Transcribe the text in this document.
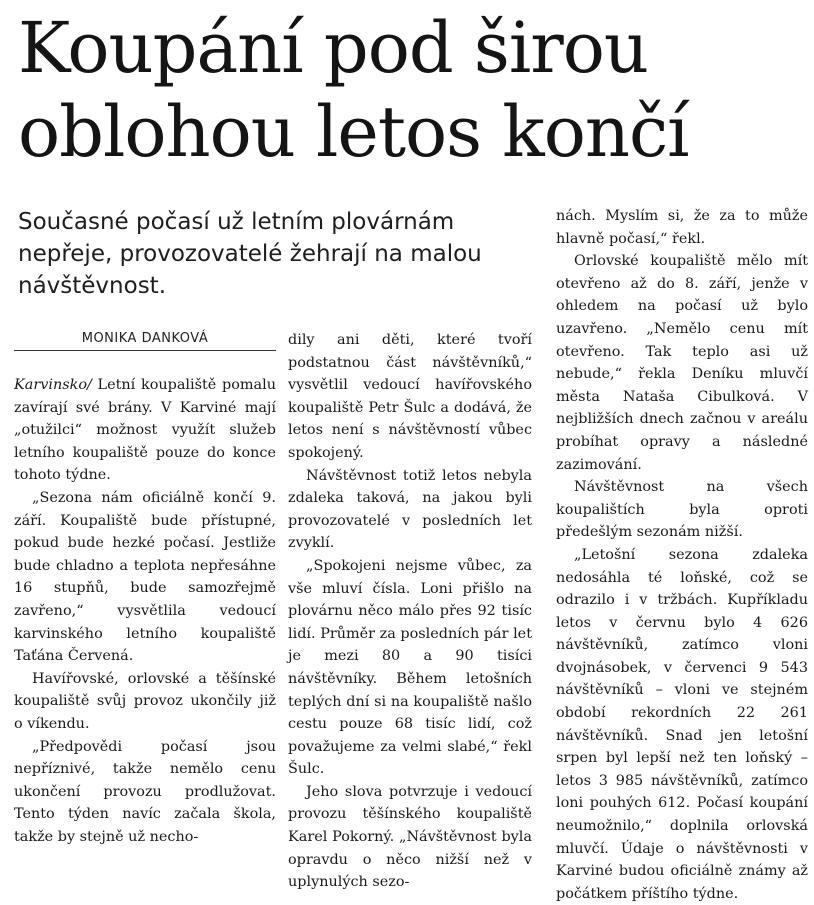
Koupání pod širou oblohou letos končí
Současné počasí už letním plovárnám nepřeje, provozovatelé žehrají na malou návštěvnost.
MONIKA DANKOVÁ

Karvinsko/ Letní koupaliště pomalu zavírají své brány. V Karviné mají „otužilci“ možnost využít služeb letního koupaliště pouze do konce tohoto týdne.

„Sezona nám oficiálně končí 9. září. Koupaliště bude přístupné, pokud bude hezké počasí. Jestliže bude chladno a teplota nepřesáhne 16 stupňů, bude samozřejmě zavřeno,“ vysvětlila vedoucí karvinského letního koupaliště Taťána Červená.

Havířovské, orlovské a těšínské koupaliště svůj provoz ukončily již o víkendu.

„Předpovědi počasí jsou nepříznivé, takže nemělo cenu ukončení provozu prodlužovat. Tento týden navíc začala škola, takže by stejně už necho-

dily ani děti, které tvoří podstatnou část návštěvníků,“ vysvětlil vedoucí havířovského koupaliště Petr Šulc a dodává, že letos není s návštěvností vůbec spokojený.

Návštěvnost totiž letos nebyla zdaleka taková, na jakou byli provozovatelé v posledních let zvyklí.

„Spokojeni nejsme vůbec, za vše mluví čísla. Loni přišlo na plovárnu něco málo přes 92 tisíc lidí. Průměr za posledních pár let je mezi 80 a 90 tisíci návštěvníky. Během letošních teplých dní si na koupaliště našlo cestu pouze 68 tisíc lidí, což považujeme za velmi slabé,“ řekl Šulc.

Jeho slova potvrzuje i vedoucí provozu těšínského koupaliště Karel Pokorný. „Návštěvnost byla opravdu o něco nižší než v uplynulých sezo-

nách. Myslím si, že za to může hlavně počasí,“ řekl.

Orlovské koupaliště mělo mít otevřeno až do 8. září, jenže v ohledem na počasí už bylo uzavřeno. „Nemělo cenu mít otevřeno. Tak teplo asi už nebude,“ řekla Deníku mluvčí města Nataša Cibulková. V nejbližších dnech začnou v areálu probíhat opravy a následné zazimování.

Návštěvnost na všech koupalištích byla oproti předešlým sezonám nižší.

„Letošní sezona zdaleka nedosáhla té loňské, což se odrazilo i v tržbách. Kupříkladu letos v červnu bylo 4 626 návštěvníků, zatímco vloni dvojnásobek, v červenci 9 543 návštěvníků – vloni ve stejném období rekordních 22 261 návštěvníků. Snad jen letošní srpen byl lepší než ten loňský – letos 3 985 návštěvníků, zatímco loni pouhých 612. Počasí koupání neumožnilo,“ doplnila orlovská mluvčí. Údaje o návštěvnosti v Karviné budou oficiálně známy až počátkem příštího týdne.
